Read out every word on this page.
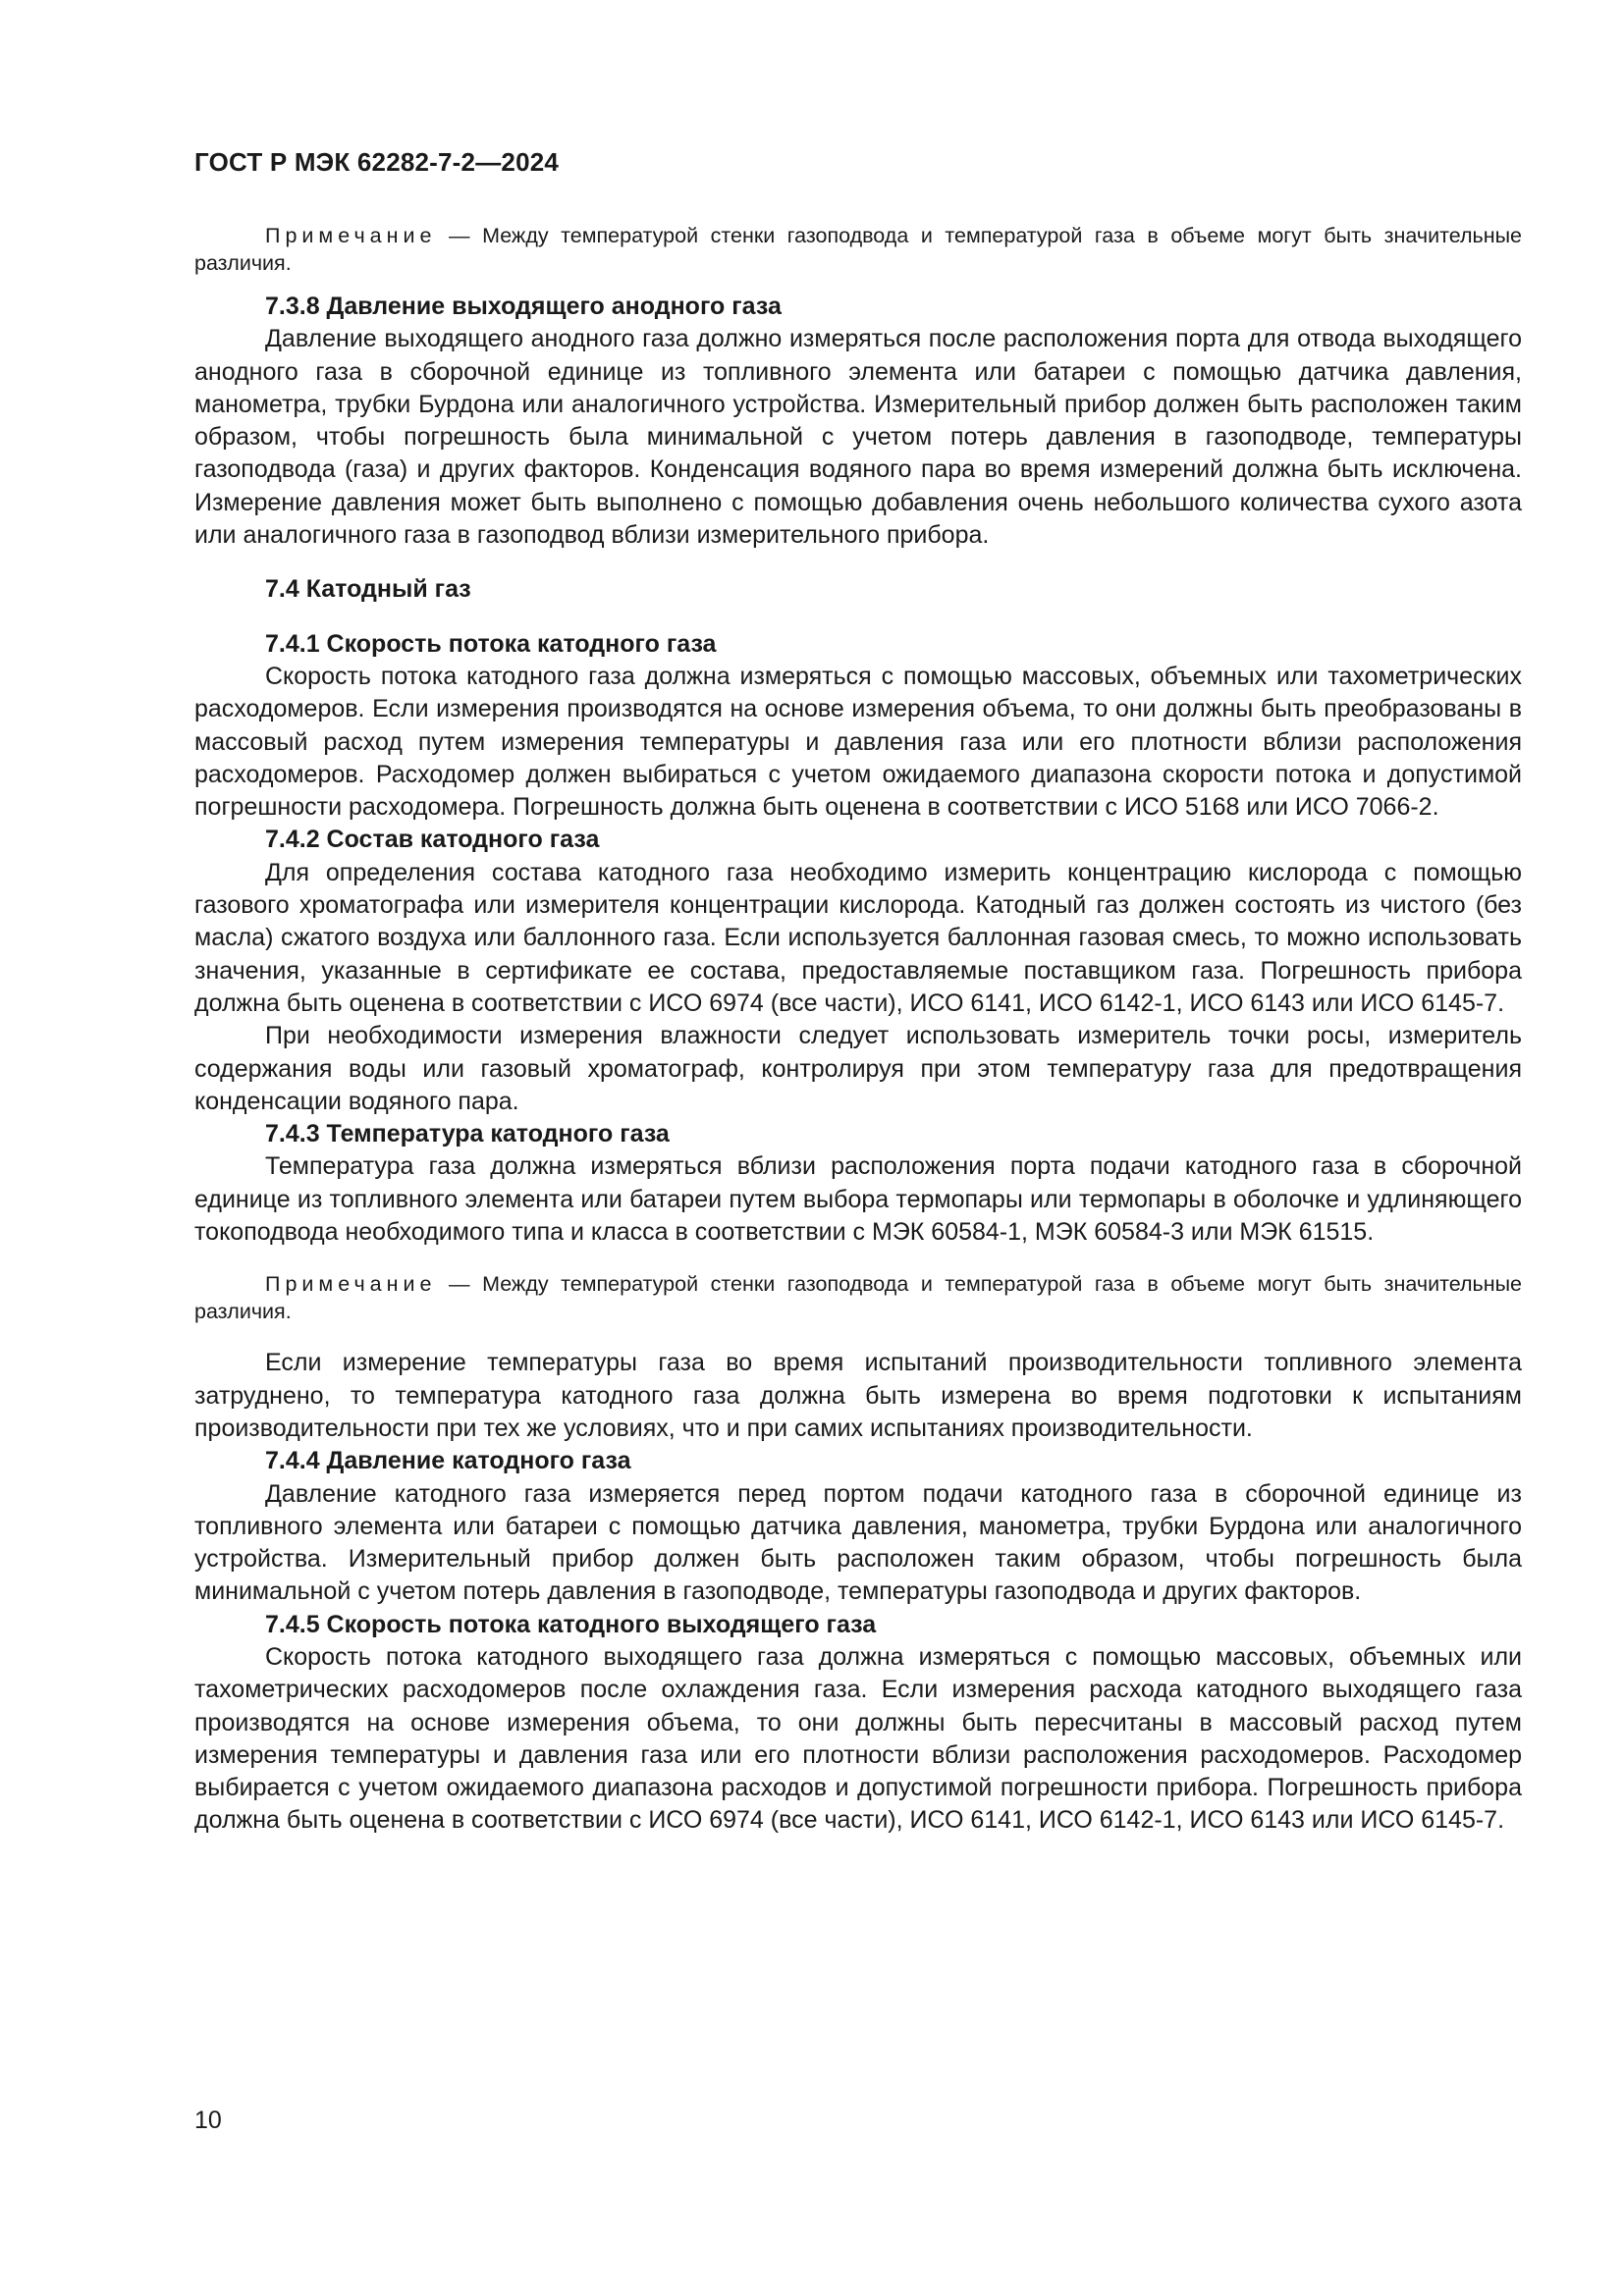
ГОСТ Р МЭК 62282-7-2—2024

Примечание — Между температурой стенки газоподвода и температурой газа в объеме могут быть значительные различия.

7.3.8 Давление выходящего анодного газа

Давление выходящего анодного газа должно измеряться после расположения порта для отвода выходящего анодного газа в сборочной единице из топливного элемента или батареи с помощью датчика давления, манометра, трубки Бурдона или аналогичного устройства. Измерительный прибор должен быть расположен таким образом, чтобы погрешность была минимальной с учетом потерь давления в газоподводе, температуры газоподвода (газа) и других факторов. Конденсация водяного пара во время измерений должна быть исключена. Измерение давления может быть выполнено с помощью добавления очень небольшого количества сухого азота или аналогичного газа в газоподвод вблизи измерительного прибора.

7.4 Катодный газ
7.4.1 Скорость потока катодного газа

Скорость потока катодного газа должна измеряться с помощью массовых, объемных или тахометрических расходомеров. Если измерения производятся на основе измерения объема, то они должны быть преобразованы в массовый расход путем измерения температуры и давления газа или его плотности вблизи расположения расходомеров. Расходомер должен выбираться с учетом ожидаемого диапазона скорости потока и допустимой погрешности расходомера. Погрешность должна быть оценена в соответствии с ИСО 5168 или ИСО 7066-2.

7.4.2 Состав катодного газа

Для определения состава катодного газа необходимо измерить концентрацию кислорода с помощью газового хроматографа или измерителя концентрации кислорода. Катодный газ должен состоять из чистого (без масла) сжатого воздуха или баллонного газа. Если используется баллонная газовая смесь, то можно использовать значения, указанные в сертификате ее состава, предоставляемые поставщиком газа. Погрешность прибора должна быть оценена в соответствии с ИСО 6974 (все части), ИСО 6141, ИСО 6142-1, ИСО 6143 или ИСО 6145-7.

При необходимости измерения влажности следует использовать измеритель точки росы, измеритель содержания воды или газовый хроматограф, контролируя при этом температуру газа для предотвращения конденсации водяного пара.

7.4.3 Температура катодного газа

Температура газа должна измеряться вблизи расположения порта подачи катодного газа в сборочной единице из топливного элемента или батареи путем выбора термопары или термопары в оболочке и удлиняющего токоподвода необходимого типа и класса в соответствии с МЭК 60584-1, МЭК 60584-3 или МЭК 61515.

Примечание — Между температурой стенки газоподвода и температурой газа в объеме могут быть значительные различия.

Если измерение температуры газа во время испытаний производительности топливного элемента затруднено, то температура катодного газа должна быть измерена во время подготовки к испытаниям производительности при тех же условиях, что и при самих испытаниях производительности.

7.4.4 Давление катодного газа

Давление катодного газа измеряется перед портом подачи катодного газа в сборочной единице из топливного элемента или батареи с помощью датчика давления, манометра, трубки Бурдона или аналогичного устройства. Измерительный прибор должен быть расположен таким образом, чтобы погрешность была минимальной с учетом потерь давления в газоподводе, температуры газоподвода и других факторов.

7.4.5 Скорость потока катодного выходящего газа

Скорость потока катодного выходящего газа должна измеряться с помощью массовых, объемных или тахометрических расходомеров после охлаждения газа. Если измерения расхода катодного выходящего газа производятся на основе измерения объема, то они должны быть пересчитаны в массовый расход путем измерения температуры и давления газа или его плотности вблизи расположения расходомеров. Расходомер выбирается с учетом ожидаемого диапазона расходов и допустимой погрешности прибора. Погрешность прибора должна быть оценена в соответствии с ИСО 6974 (все части), ИСО 6141, ИСО 6142-1, ИСО 6143 или ИСО 6145-7.

10
